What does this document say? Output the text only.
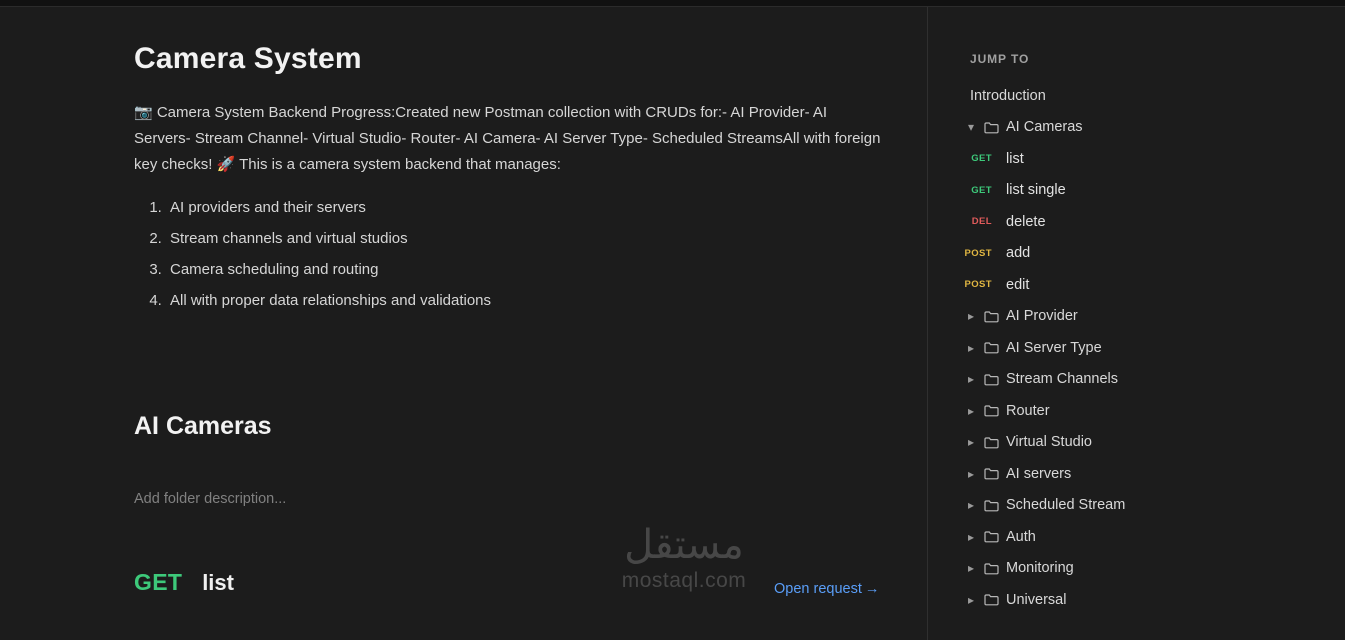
Camera System

📷 Camera System Backend Progress:Created new Postman collection with CRUDs for:- AI Provider- AI Servers- Stream Channel- Virtual Studio- Router- AI Camera- AI Server Type- Scheduled StreamsAll with foreign key checks! 🚀 This is a camera system backend that manages:

1. AI providers and their servers
2. Stream channels and virtual studios
3. Camera scheduling and routing
4. All with proper data relationships and validations
AI Cameras
Add folder description...
GET list	Open request →
مستقل
mostaql.com
JUMP TO
Introduction
▾
AI Cameras
GET list
GET list single
DEL delete
POST add
POST edit
▸
AI Provider
▸
AI Server Type
▸
Stream Channels
▸
Router
▸
Virtual Studio
▸
AI servers
▸
Scheduled Stream
▸
Auth
▸
Monitoring
▸
Universal
